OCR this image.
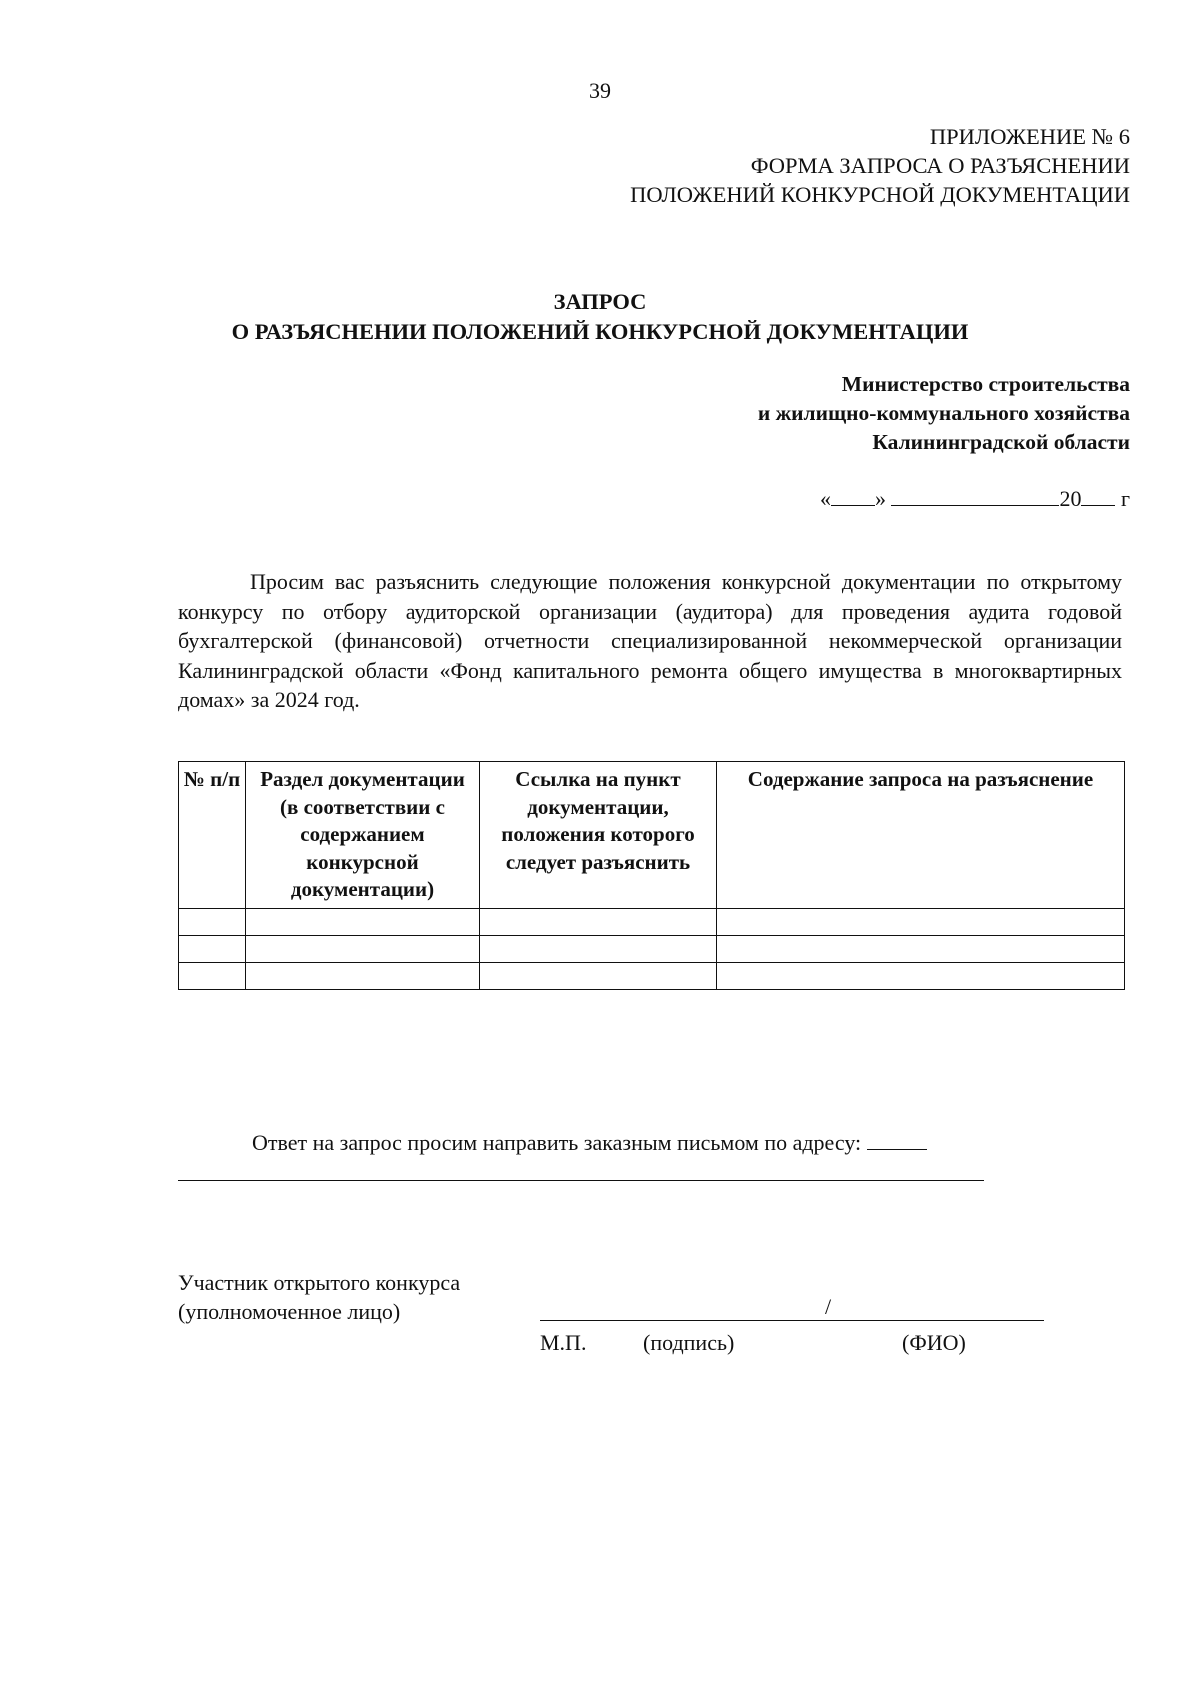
39
ПРИЛОЖЕНИЕ № 6
ФОРМА ЗАПРОСА О РАЗЪЯСНЕНИИ
ПОЛОЖЕНИЙ КОНКУРСНОЙ ДОКУМЕНТАЦИИ
ЗАПРОС
О РАЗЪЯСНЕНИИ ПОЛОЖЕНИЙ КОНКУРСНОЙ ДОКУМЕНТАЦИИ
Министерство строительства
и жилищно-коммунального хозяйства
Калининградской области
« »	20 г
Просим вас разъяснить следующие положения конкурсной документации по открытому конкурсу по отбору аудиторской организации (аудитора) для проведения аудита годовой бухгалтерской (финансовой) отчетности специализированной некоммерческой организации Калининградской области «Фонд капитального ремонта общего имущества в многоквартирных домах» за 2024 год.
№ п/п	Раздел документации (в соответствии с содержанием конкурсной документации)	Ссылка на пункт документации, положения которого следует разъяснить	Содержание запроса на разъяснение

Ответ на запрос просим направить заказным письмом по адресу:
Участник открытого конкурса
(уполномоченное лицо)	/
М.П.	(подпись)	(ФИО)
